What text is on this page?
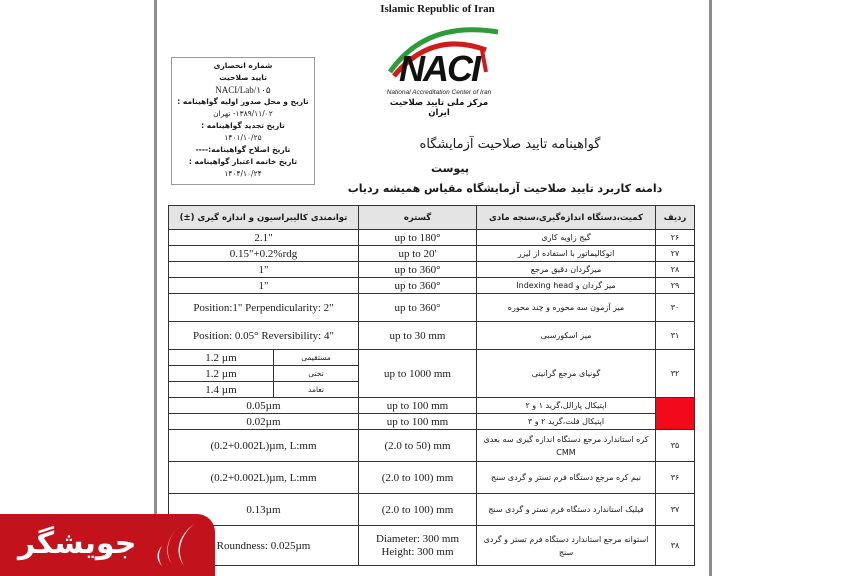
Islamic Republic of Iran
NACI
National Accreditation Center of Iran
مرکز ملی تایید صلاحیت ایران
شماره انحصاری
تایید صلاحیت
NACI/Lab/۱۰۵
تاریخ و محل صدور اولیه گواهینامه :
۱۳۸۹/۱۱/۰۲- تهران
تاریخ تجدید گواهینامه :
۱۴۰۱/۱۰/۲۵
تاریخ اصلاح گواهینامه:----
تاریخ خاتمه اعتبار گواهینامه :
۱۴۰۴/۱۰/۲۴
گواهینامه تایید صلاحیت آزمایشگاه
پیوست
دامنه کاربرد تایید صلاحیت آزمایشگاه مقیاس همیشه ردیاب
توانمندی کالیبراسیون و اندازه گیری (±)		گستره	کمیت،دستگاه اندازه‌گیری،سنجه مادی	ردیف
2.1"		up to 180°	گیج زاویه کاری	۲۶
0.15"+0.2%rdg		up to 20'	اتوکالیماتور با استفاده از لیزر	۲۷
1"		up to 360°	میزگردان دقیق مرجع	۲۸
1"		up to 360°	میز گردان و Indexing head	۲۹
Position:1" Perpendicularity: 2"		up to 360°	میز آزمون سه محوره و چند محوره	۳۰
Position: 0.05° Reversibility: 4"		up to 30 mm	میز اسکورسبی	۳۱
1.2 µm	مستقیمی	up to 1000 mm	گونیای مرجع گرانیتی	۳۲
1.2 µm	تختی			
1.4 µm	تعامد			
0.05µm		up to 100 mm	اپتیکال پارالل،گرید ۱ و ۲	
0.02µm		up to 100 mm	اپتیکال فلت،گرید ۲ و ۳	
(0.2+0.002L)µm, L:mm		(2.0 to 50) mm	کره استاندارد مرجع دستگاه اندازه گیری سه بعدی CMM	۳۵
(0.2+0.002L)µm, L:mm		(2.0 to 100) mm	نیم کره مرجع دستگاه فرم تستر و گردی سنج	۳۶
0.13µm		(2.0 to 100) mm	فیلیک استاندارد دستگاه فرم تستر و گردی سنج	۳۷
Roundness: 0.025µm		Diameter: 300 mm Height: 300 mm	استوانه مرجع استاندارد دستگاه فرم تستر و گردی سنج	۳۸
جویشگر
